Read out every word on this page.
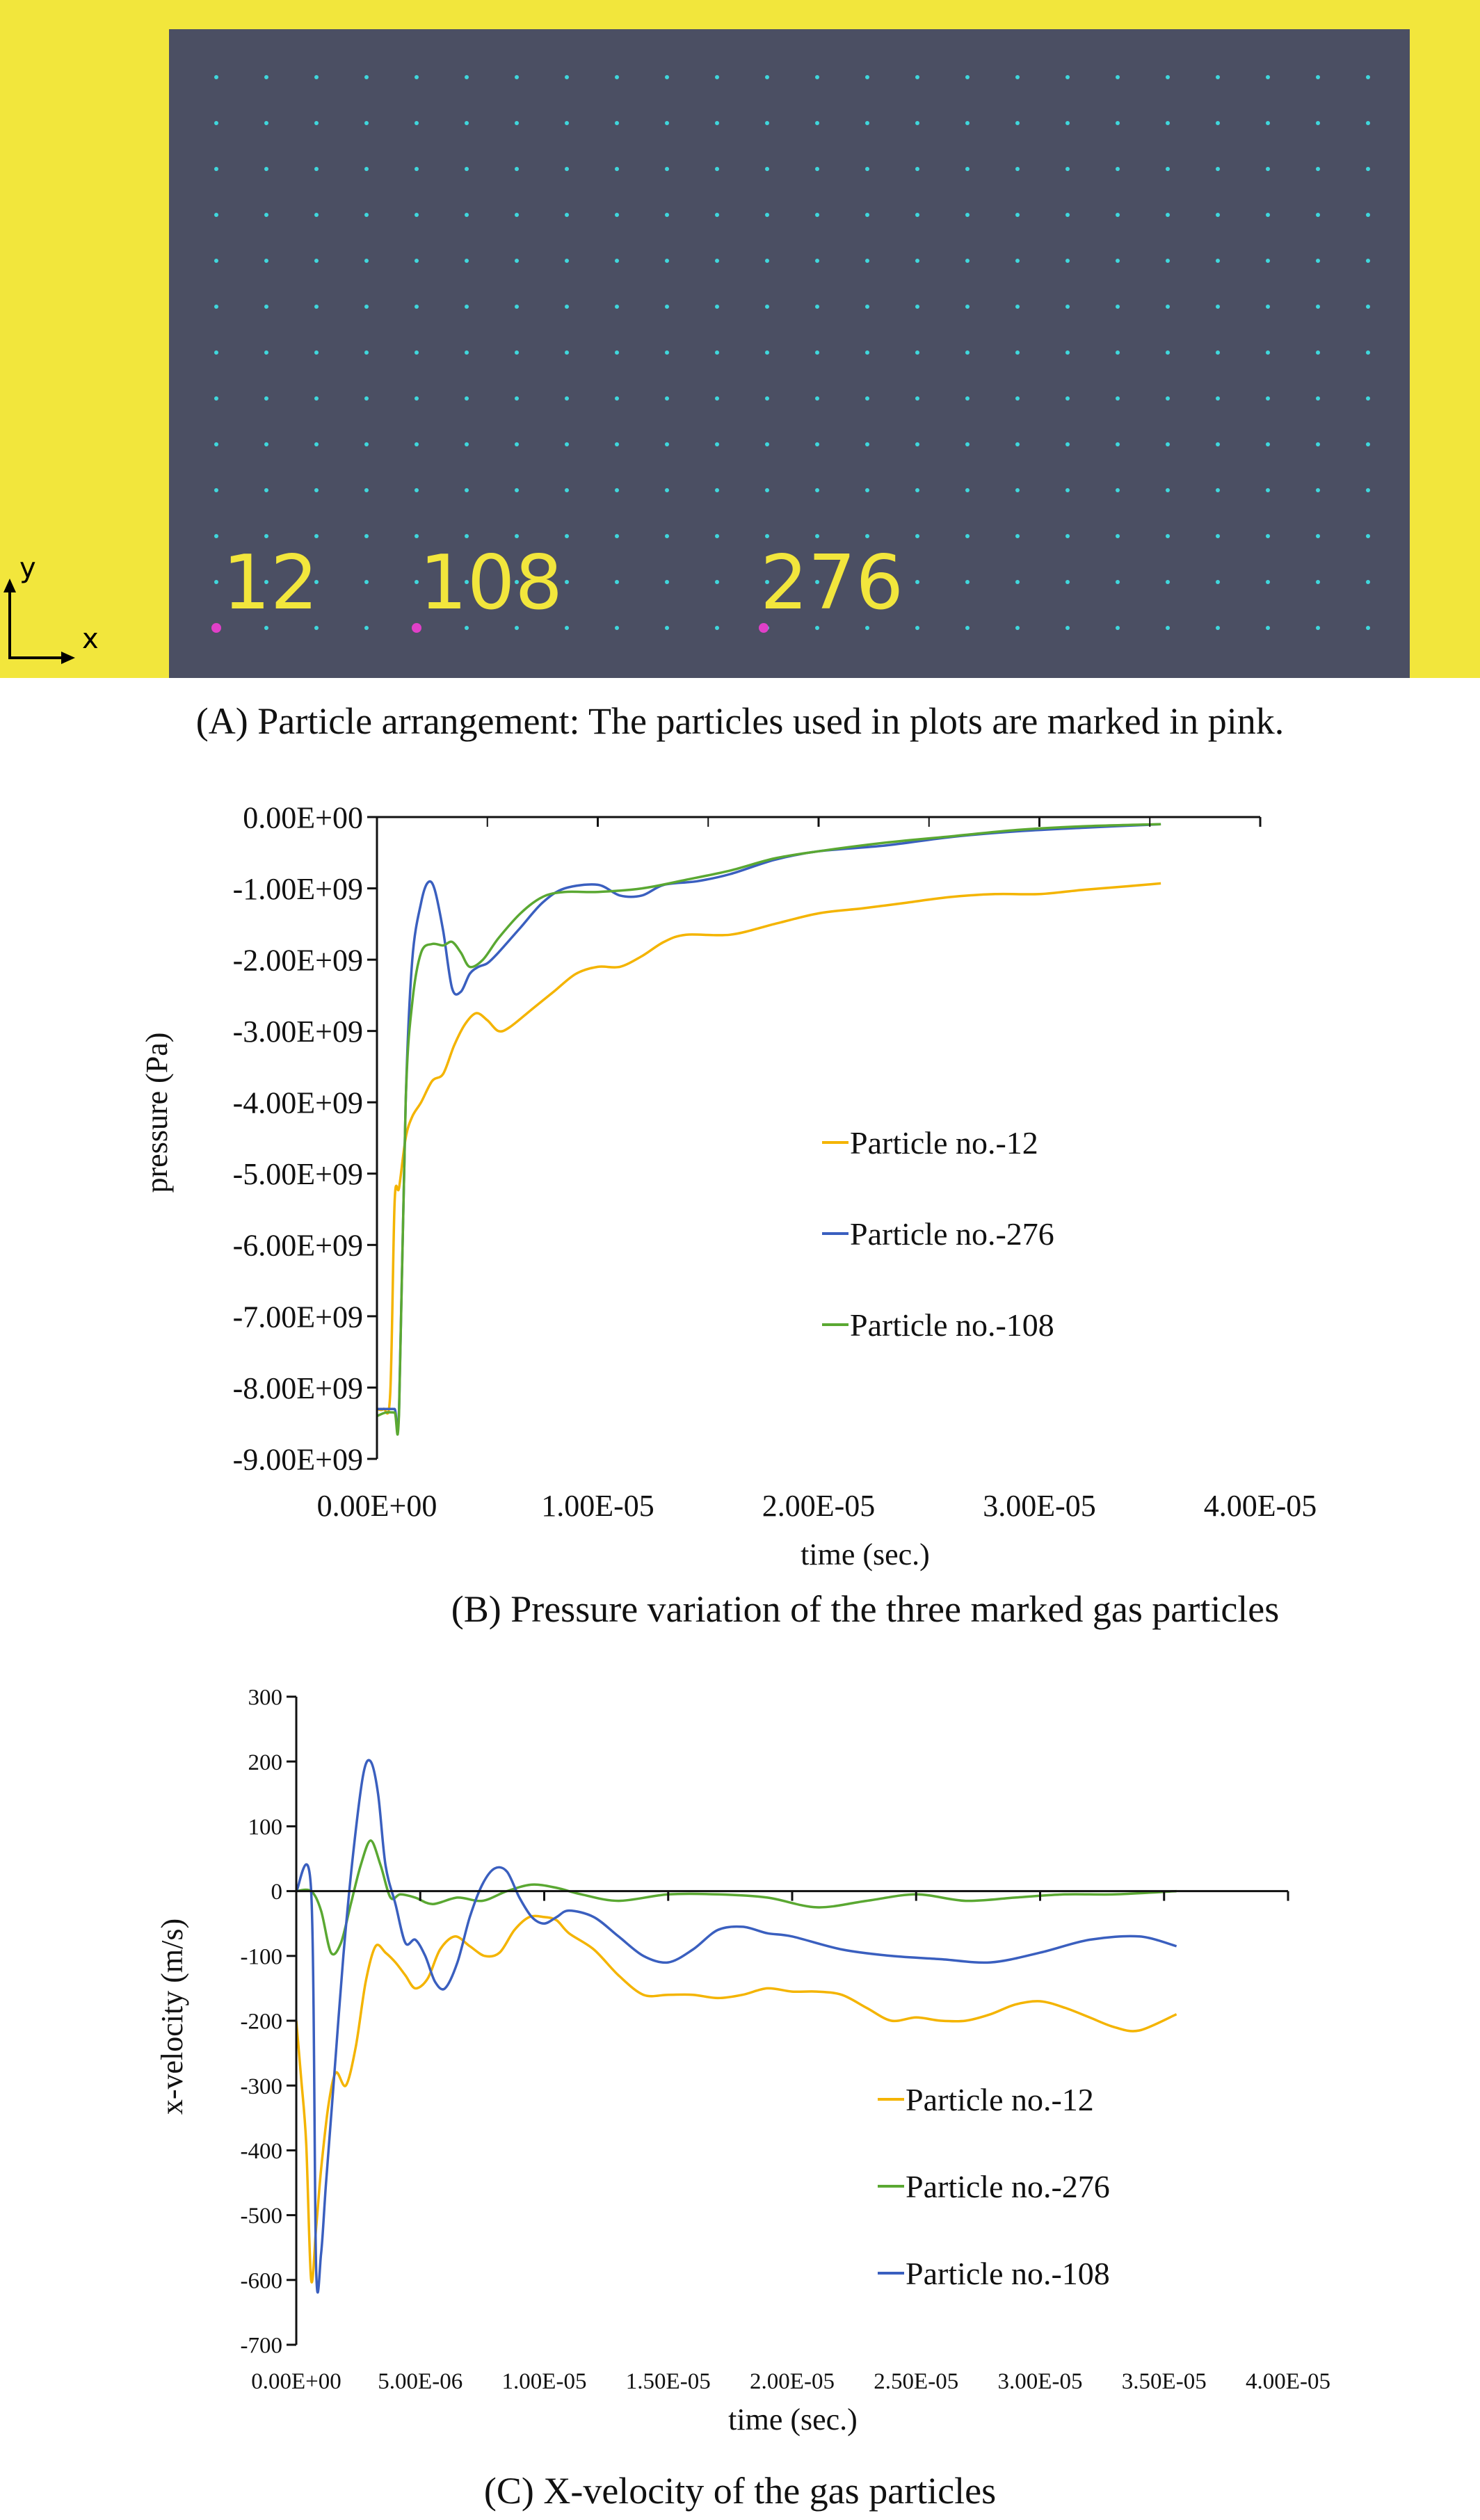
12 108	276
y
x
(A) Particle arrangement: The particles used in plots are marked in pink.
0.00E+00	1.00E-05	2.00E-05	3.00E-05	4.00E-05
0.00E+00
-1.00E+09
-2.00E+09
-3.00E+09
-4.00E+09
-5.00E+09
-6.00E+09
-7.00E+09
-8.00E+09
-9.00E+09
time (sec.)
pressure (Pa)	Particle no.-12
Particle no.-276
Particle no.-108
(B) Pressure variation of the three marked gas particles
0.00E+00 5.00E-06 1.00E-05 1.50E-05 2.00E-05 2.50E-05 3.00E-05 3.50E-05 4.00E-05
300
200
100
0
-100
-200
-300
-400
-500
-600
-700
time (sec.)
x-velocity (m/s)	Particle no.-12
Particle no.-276
Particle no.-108
(C) X-velocity of the gas particles
